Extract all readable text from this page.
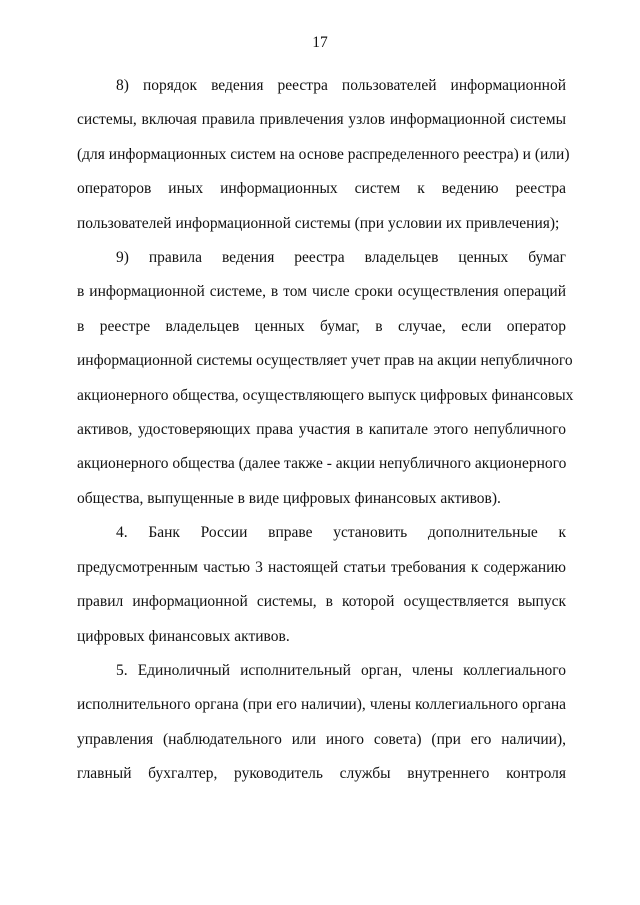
17

8) порядок ведения реестра пользователей информационной
системы, включая правила привлечения узлов информационной системы
(для информационных систем на основе распределенного реестра) и (или)
операторов иных информационных систем к ведению реестра
пользователей информационной системы (при условии их привлечения);

9) правила ведения реестра владельцев ценных бумаг
в информационной системе, в том числе сроки осуществления операций
в реестре владельцев ценных бумаг, в случае, если оператор
информационной системы осуществляет учет прав на акции непубличного
акционерного общества, осуществляющего выпуск цифровых финансовых
активов, удостоверяющих права участия в капитале этого непубличного
акционерного общества (далее также - акции непубличного акционерного
общества, выпущенные в виде цифровых финансовых активов).

4. Банк России вправе установить дополнительные к
предусмотренным частью 3 настоящей статьи требования к содержанию
правил информационной системы, в которой осуществляется выпуск
цифровых финансовых активов.

5. Единоличный исполнительный орган, члены коллегиального
исполнительного органа (при его наличии), члены коллегиального органа
управления (наблюдательного или иного совета) (при его наличии),
главный бухгалтер, руководитель службы внутреннего контроля
